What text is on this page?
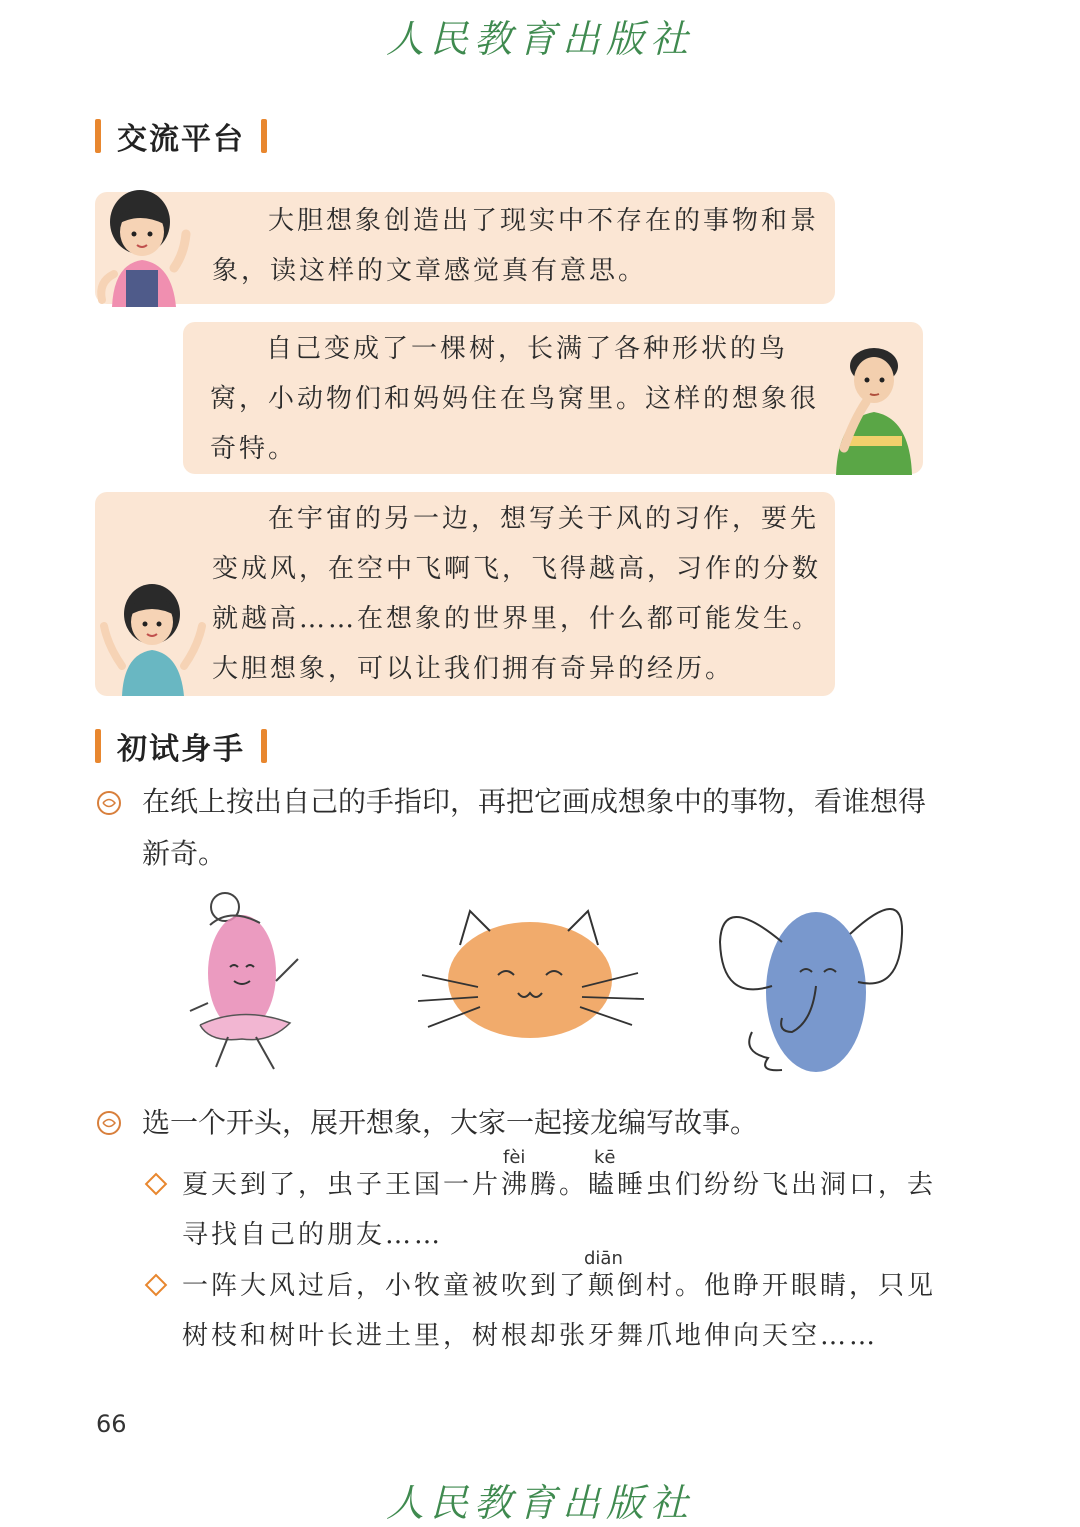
人民教育出版社
交流平台
大胆想象创造出了现实中不存在的事物和景象，读这样的文章感觉真有意思。
自己变成了一棵树，长满了各种形状的鸟窝，小动物们和妈妈住在鸟窝里。这样的想象很奇特。
在宇宙的另一边，想写关于风的习作，要先变成风，在空中飞啊飞，飞得越高，习作的分数就越高……在想象的世界里，什么都可能发生。大胆想象，可以让我们拥有奇异的经历。
初试身手
在纸上按出自己的手指印，再把它画成想象中的事物，看谁想得新奇。
选一个开头，展开想象，大家一起接龙编写故事。
fèi	kē
夏天到了，虫子王国一片沸腾。瞌睡虫们纷纷飞出洞口，去寻找自己的朋友……
diān
一阵大风过后，小牧童被吹到了颠倒村。他睁开眼睛，只见树枝和树叶长进土里，树根却张牙舞爪地伸向天空……
66
人民教育出版社
